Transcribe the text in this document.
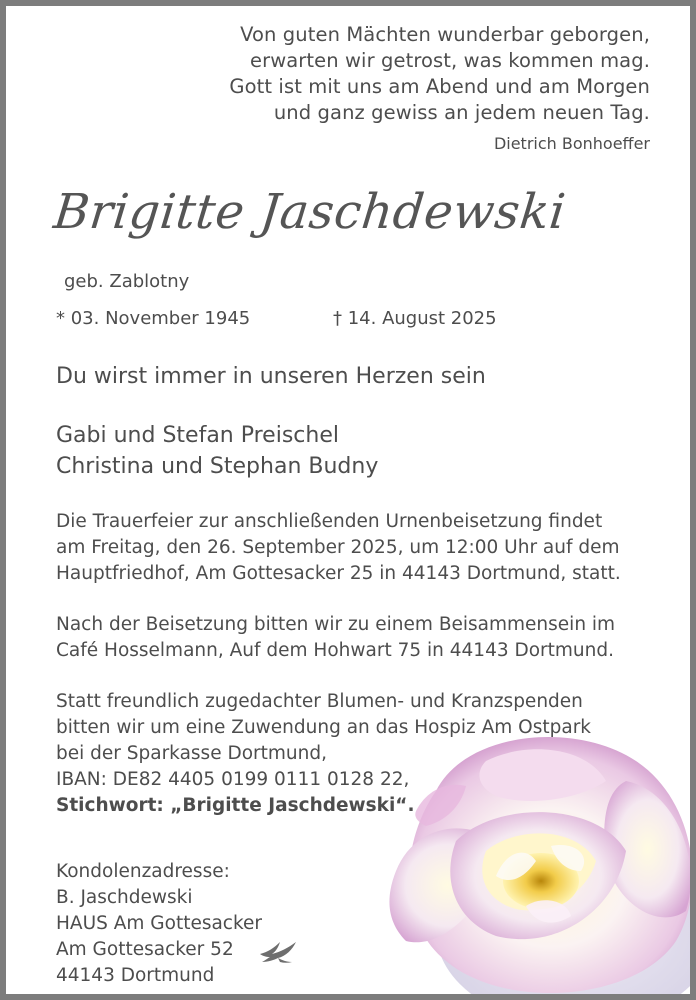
Von guten Mächten wunderbar geborgen,
erwarten wir getrost, was kommen mag.
Gott ist mit uns am Abend und am Morgen
und ganz gewiss an jedem neuen Tag.
Dietrich Bonhoeffer
Brigitte Jaschdewski
geb. Zablotny
* 03. November 1945	† 14. August 2025
Du wirst immer in unseren Herzen sein
Gabi und Stefan Preischel
Christina und Stephan Budny
Die Trauerfeier zur anschließenden Urnenbeisetzung findet
am Freitag, den 26. September 2025, um 12:00 Uhr auf dem
Hauptfriedhof, Am Gottesacker 25 in 44143 Dortmund, statt.
Nach der Beisetzung bitten wir zu einem Beisammensein im
Café Hosselmann, Auf dem Hohwart 75 in 44143 Dortmund.
Statt freundlich zugedachter Blumen- und Kranzspenden
bitten wir um eine Zuwendung an das Hospiz Am Ostpark
bei der Sparkasse Dortmund,
IBAN: DE82 4405 0199 0111 0128 22,
Stichwort: „Brigitte Jaschdewski“.
Kondolenzadresse:
B. Jaschdewski
HAUS Am Gottesacker
Am Gottesacker 52
44143 Dortmund
